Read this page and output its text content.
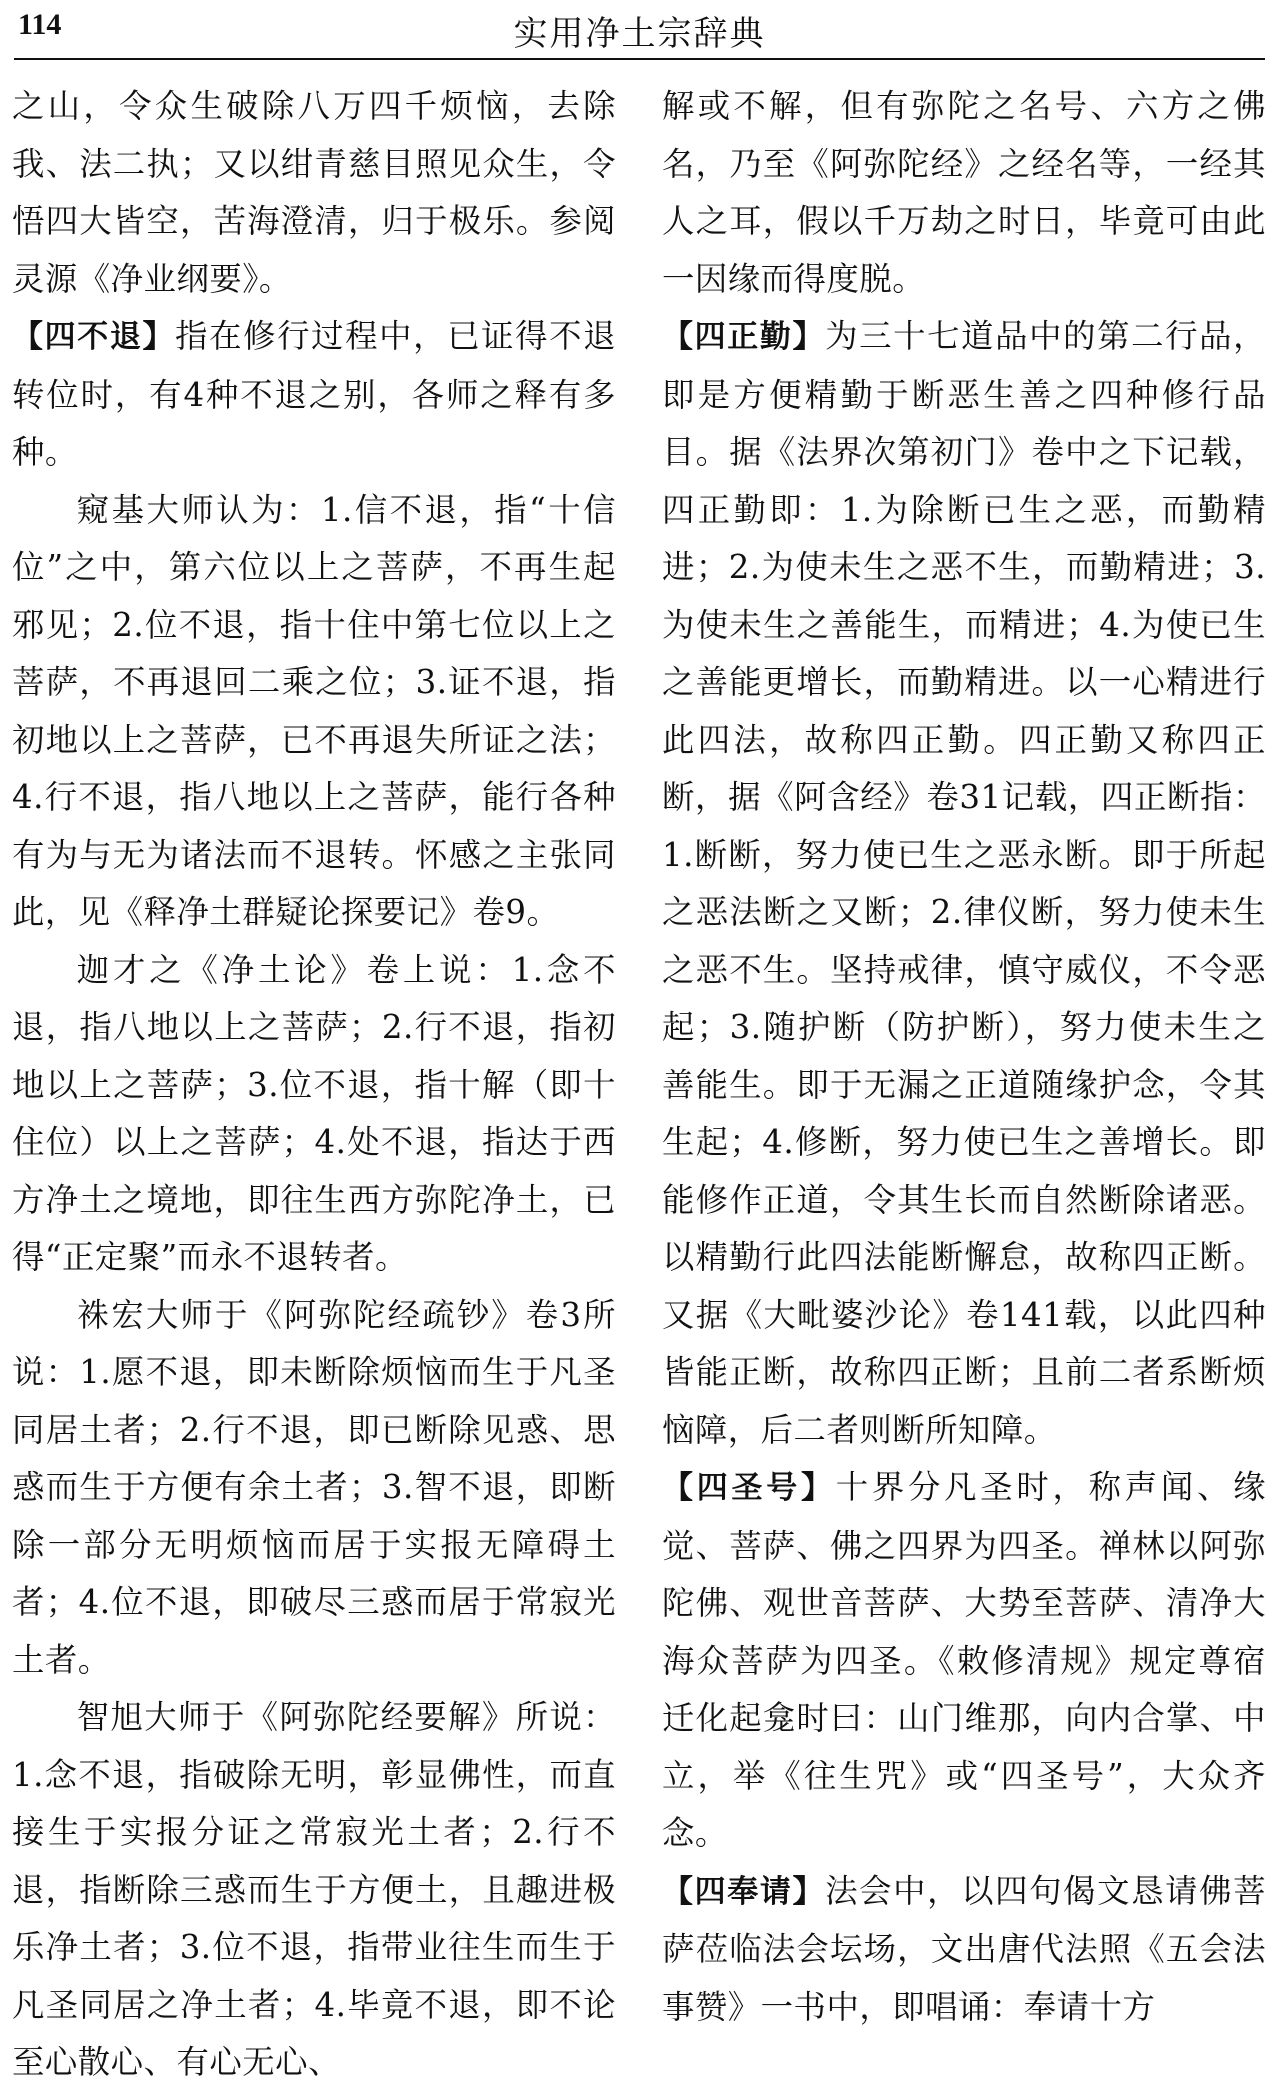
114	实用净土宗辞典

之山，令众生破除八万四千烦恼，去除我、法二执；又以绀青慈目照见众生，令悟四大皆空，苦海澄清，归于极乐。参阅灵源《净业纲要》。

【四不退】指在修行过程中，已证得不退转位时，有4种不退之别，各师之释有多种。

窥基大师认为：1.信不退，指“十信位”之中，第六位以上之菩萨，不再生起邪见；2.位不退，指十住中第七位以上之菩萨，不再退回二乘之位；3.证不退，指初地以上之菩萨，已不再退失所证之法；4.行不退，指八地以上之菩萨，能行各种有为与无为诸法而不退转。怀感之主张同此，见《释净土群疑论探要记》卷9。

迦才之《净土论》卷上说：1.念不退，指八地以上之菩萨；2.行不退，指初地以上之菩萨；3.位不退，指十解（即十住位）以上之菩萨；4.处不退，指达于西方净土之境地，即往生西方弥陀净土，已得“正定聚”而永不退转者。

袾宏大师于《阿弥陀经疏钞》卷3所说：1.愿不退，即未断除烦恼而生于凡圣同居土者；2.行不退，即已断除见惑、思惑而生于方便有余土者；3.智不退，即断除一部分无明烦恼而居于实报无障碍土者；4.位不退，即破尽三惑而居于常寂光土者。

智旭大师于《阿弥陀经要解》所说：1.念不退，指破除无明，彰显佛性，而直接生于实报分证之常寂光土者；2.行不退，指断除三惑而生于方便土，且趣进极乐净土者；3.位不退，指带业往生而生于凡圣同居之净土者；4.毕竟不退，即不论至心散心、有心无心、

解或不解，但有弥陀之名号、六方之佛名，乃至《阿弥陀经》之经名等，一经其人之耳，假以千万劫之时日，毕竟可由此一因缘而得度脱。

【四正勤】为三十七道品中的第二行品，即是方便精勤于断恶生善之四种修行品目。据《法界次第初门》卷中之下记载，四正勤即：1.为除断已生之恶，而勤精进；2.为使未生之恶不生，而勤精进；3.为使未生之善能生，而精进；4.为使已生之善能更增长，而勤精进。以一心精进行此四法，故称四正勤。四正勤又称四正断，据《阿含经》卷31记载，四正断指：1.断断，努力使已生之恶永断。即于所起之恶法断之又断；2.律仪断，努力使未生之恶不生。坚持戒律，慎守威仪，不令恶起；3.随护断（防护断），努力使未生之善能生。即于无漏之正道随缘护念，令其生起；4.修断，努力使已生之善增长。即能修作正道，令其生长而自然断除诸恶。以精勤行此四法能断懈怠，故称四正断。又据《大毗婆沙论》卷141载，以此四种皆能正断，故称四正断；且前二者系断烦恼障，后二者则断所知障。

【四圣号】十界分凡圣时，称声闻、缘觉、菩萨、佛之四界为四圣。禅林以阿弥陀佛、观世音菩萨、大势至菩萨、清净大海众菩萨为四圣。《敕修清规》规定尊宿迁化起龛时曰：山门维那，向内合掌、中立，举《往生咒》或“四圣号”，大众齐念。

【四奉请】法会中，以四句偈文恳请佛菩萨莅临法会坛场，文出唐代法照《五会法事赞》一书中，即唱诵：奉请十方
